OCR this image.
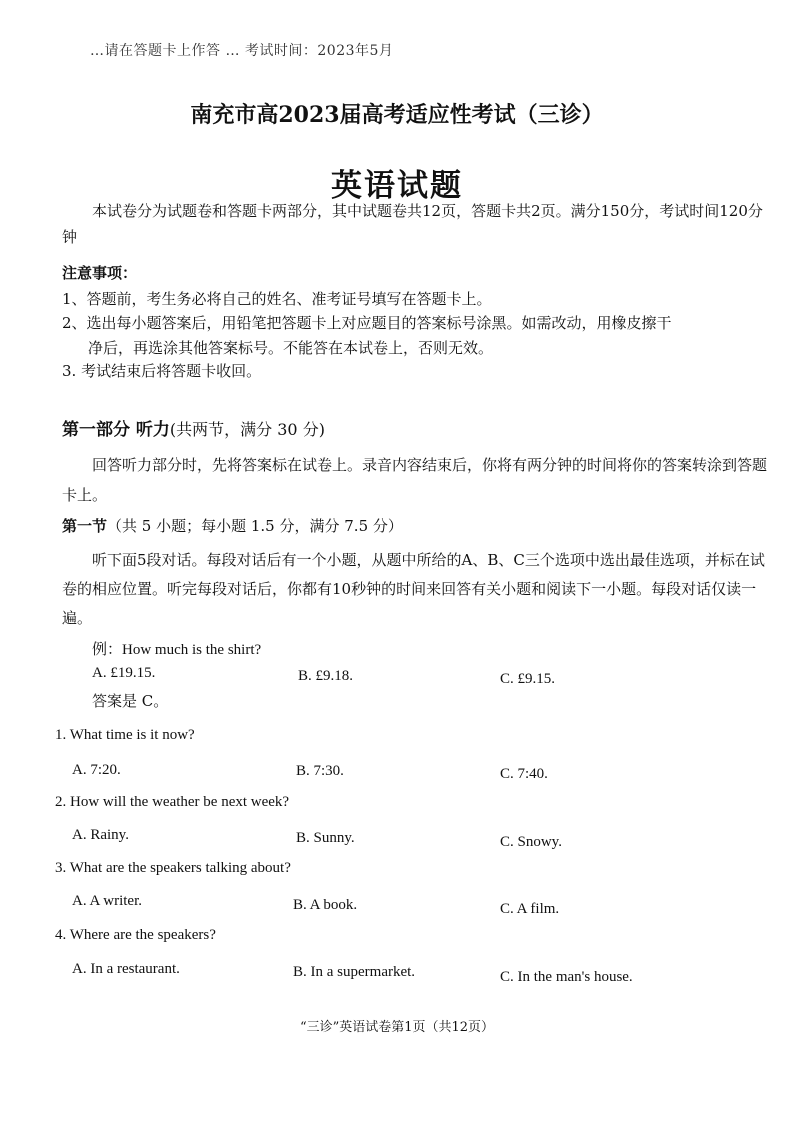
…请在答题卡上作答 … 考试时间：2023年5月
南充市高2023届高考适应性考试（三诊）
英语试题
本试卷分为试题卷和答题卡两部分，其中试题卷共12页，答题卡共2页。满分150分，考试时间120分钟
注意事项：
1、答题前，考生务必将自己的姓名、准考证号填写在答题卡上。
2、选出每小题答案后，用铅笔把答题卡上对应题目的答案标号涂黑。如需改动，用橡皮擦干
净后，再选涂其他答案标号。不能答在本试卷上，否则无效。
3. 考试结束后将答题卡收回。
第一部分 听力(共两节，满分 30 分)
回答听力部分时，先将答案标在试卷上。录音内容结束后，你将有两分钟的时间将你的答案转涂到答题卡上。
第一节（共 5 小题；每小题 1.5 分，满分 7.5 分）
听下面5段对话。每段对话后有一个小题，从题中所给的A、B、C三个选项中选出最佳选项，并标在试卷的相应位置。听完每段对话后，你都有10秒钟的时间来回答有关小题和阅读下一小题。每段对话仅读一遍。
例：How much is the shirt?
A. £19.15.	B. £9.18.	C. £9.15.
答案是 C。
1. What time is it now?
A. 7:20.	B. 7:30.	C. 7:40.
2. How will the weather be next week?
A. Rainy.	B. Sunny.	C. Snowy.
3. What are the speakers talking about?
A. A writer.	B. A book.	C. A film.
4. Where are the speakers?
A. In a restaurant.	B. In a supermarket.	C. In the man's house.
“三诊”英语试卷第1页（共12页）
